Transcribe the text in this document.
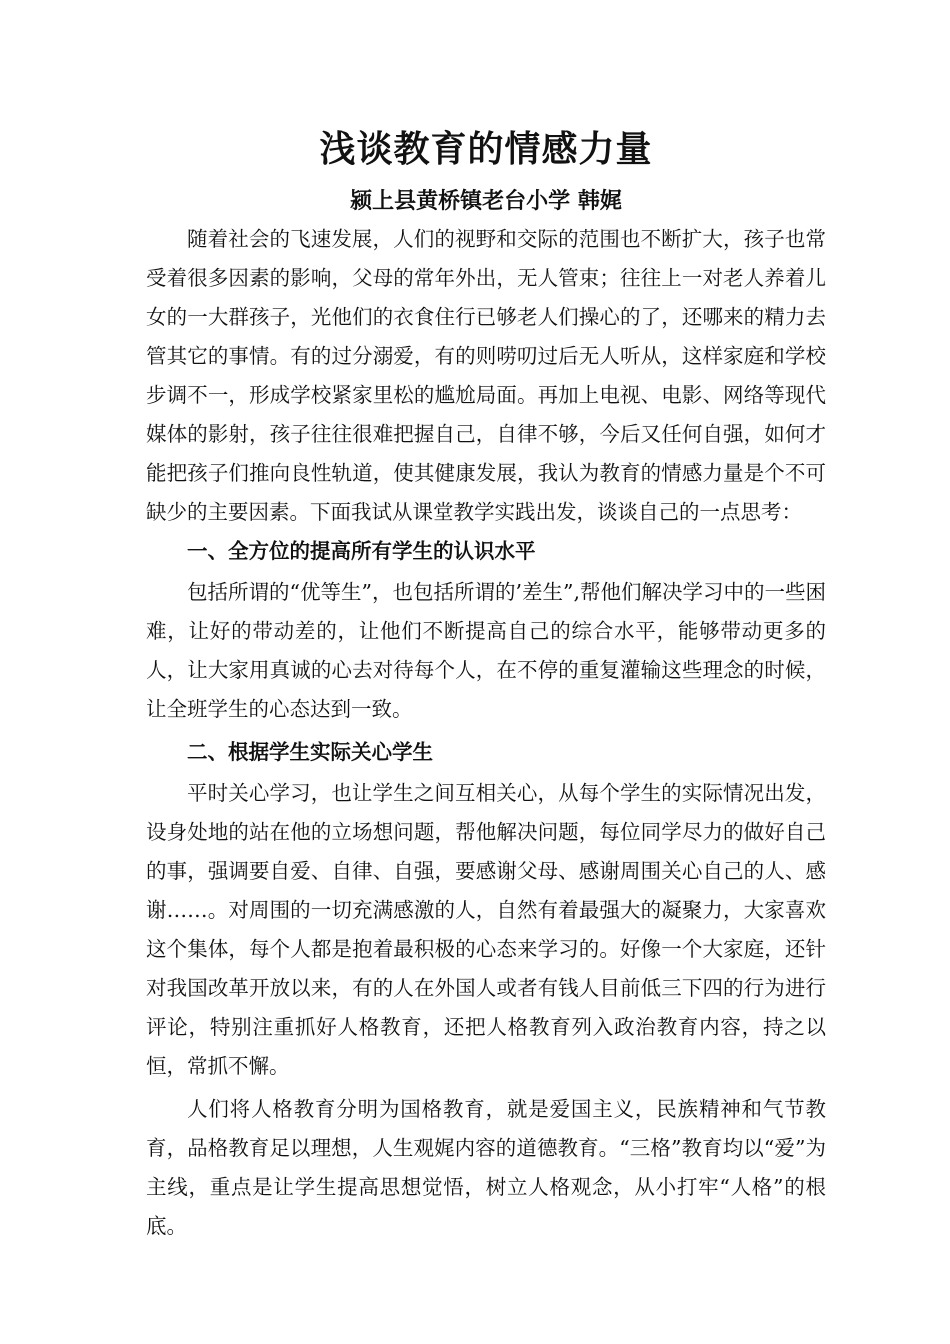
浅谈教育的情感力量

颍上县黄桥镇老台小学 韩娓

随着社会的飞速发展，人们的视野和交际的范围也不断扩大，孩子也常受着很多因素的影响，父母的常年外出，无人管束；往往上一对老人养着儿女的一大群孩子，光他们的衣食住行已够老人们操心的了，还哪来的精力去管其它的事情。有的过分溺爱，有的则唠叨过后无人听从，这样家庭和学校步调不一，形成学校紧家里松的尴尬局面。再加上电视、电影、网络等现代媒体的影射，孩子往往很难把握自己，自律不够，今后又任何自强，如何才能把孩子们推向良性轨道，使其健康发展，我认为教育的情感力量是个不可缺少的主要因素。下面我试从课堂教学实践出发，谈谈自己的一点思考：

一、全方位的提高所有学生的认识水平

包括所谓的“优等生”，也包括所谓的’差生”,帮他们解决学习中的一些困难，让好的带动差的，让他们不断提高自己的综合水平，能够带动更多的人，让大家用真诚的心去对待每个人，在不停的重复灌输这些理念的时候，让全班学生的心态达到一致。

二、根据学生实际关心学生

平时关心学习，也让学生之间互相关心，从每个学生的实际情况出发，设身处地的站在他的立场想问题，帮他解决问题，每位同学尽力的做好自己的事，强调要自爱、自律、自强，要感谢父母、感谢周围关心自己的人、感谢……。对周围的一切充满感激的人，自然有着最强大的凝聚力，大家喜欢这个集体，每个人都是抱着最积极的心态来学习的。好像一个大家庭，还针对我国改革开放以来，有的人在外国人或者有钱人目前低三下四的行为进行评论，特别注重抓好人格教育，还把人格教育列入政治教育内容，持之以恒，常抓不懈。

人们将人格教育分明为国格教育，就是爱国主义，民族精神和气节教育，品格教育足以理想，人生观娓内容的道德教育。“三格”教育均以“爱”为主线，重点是让学生提高思想觉悟，树立人格观念，从小打牢“人格”的根底。
